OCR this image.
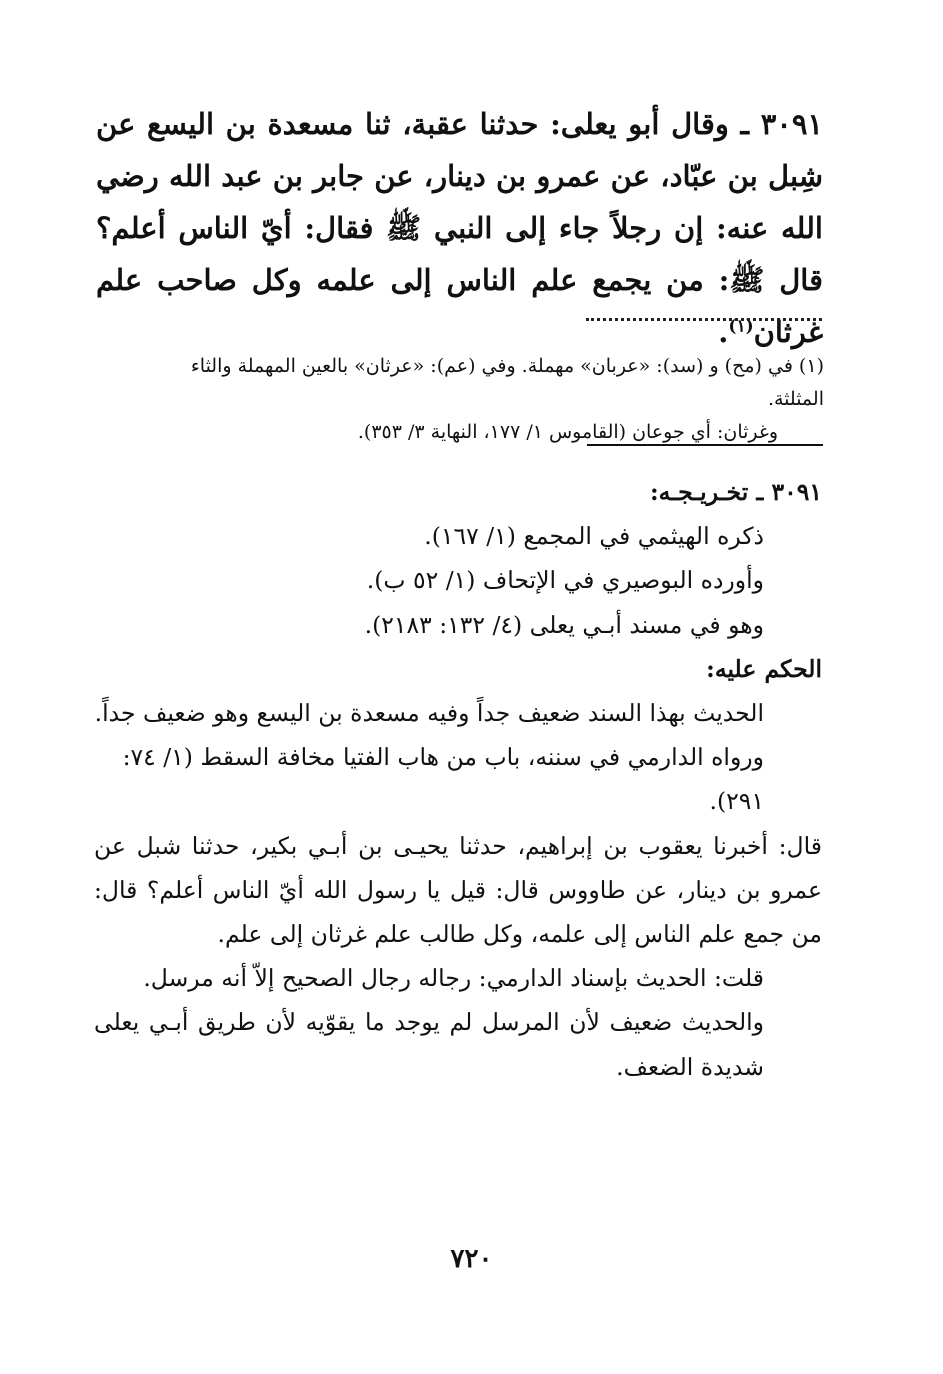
٣٠٩١ ـ وقال أبو يعلى: حدثنا عقبة، ثنا مسعدة بن اليسع عن شِبل بن عبّاد، عن عمرو بن دينار، عن جابر بن عبد الله رضي الله عنه: إن رجلاً جاء إلى النبي ﷺ فقال: أيّ الناس أعلم؟ قال ﷺ: من يجمع علم الناس إلى علمه وكل صاحب علم غرثان$^{(١)}$.
(١) في (مح) و (سد): «عربان» مهملة. وفي (عم): «عرثان» بالعين المهملة والثاء المثلثة.
وغرثان: أي جوعان (القاموس ١/ ١٧٧، النهاية ٣/ ٣٥٣).

٣٠٩١ ـ تخـريـجـه:

ذكره الهيثمي في المجمع (١/ ١٦٧).

وأورده البوصيري في الإتحاف (١/ ٥٢ ب).

وهو في مسند أبـي يعلى (٤/ ١٣٢: ٢١٨٣).

الحكم عليه:

الحديث بهذا السند ضعيف جداً وفيه مسعدة بن اليسع وهو ضعيف جداً.

ورواه الدارمي في سننه، باب من هاب الفتيا مخافة السقط (١/ ٧٤: ٢٩١).

قال: أخبرنا يعقوب بن إبراهيم، حدثنا يحيـى بن أبـي بكير، حدثنا شبل عن عمرو بن دينار، عن طاووس قال: قيل يا رسول الله أيّ الناس أعلم؟ قال: من جمع علم الناس إلى علمه، وكل طالب علم غرثان إلى علم.

قلت: الحديث بإسناد الدارمي: رجاله رجال الصحيح إلاّ أنه مرسل.

والحديث ضعيف لأن المرسل لم يوجد ما يقوّيه لأن طريق أبـي يعلى شديدة الضعف.

٧٢٠
